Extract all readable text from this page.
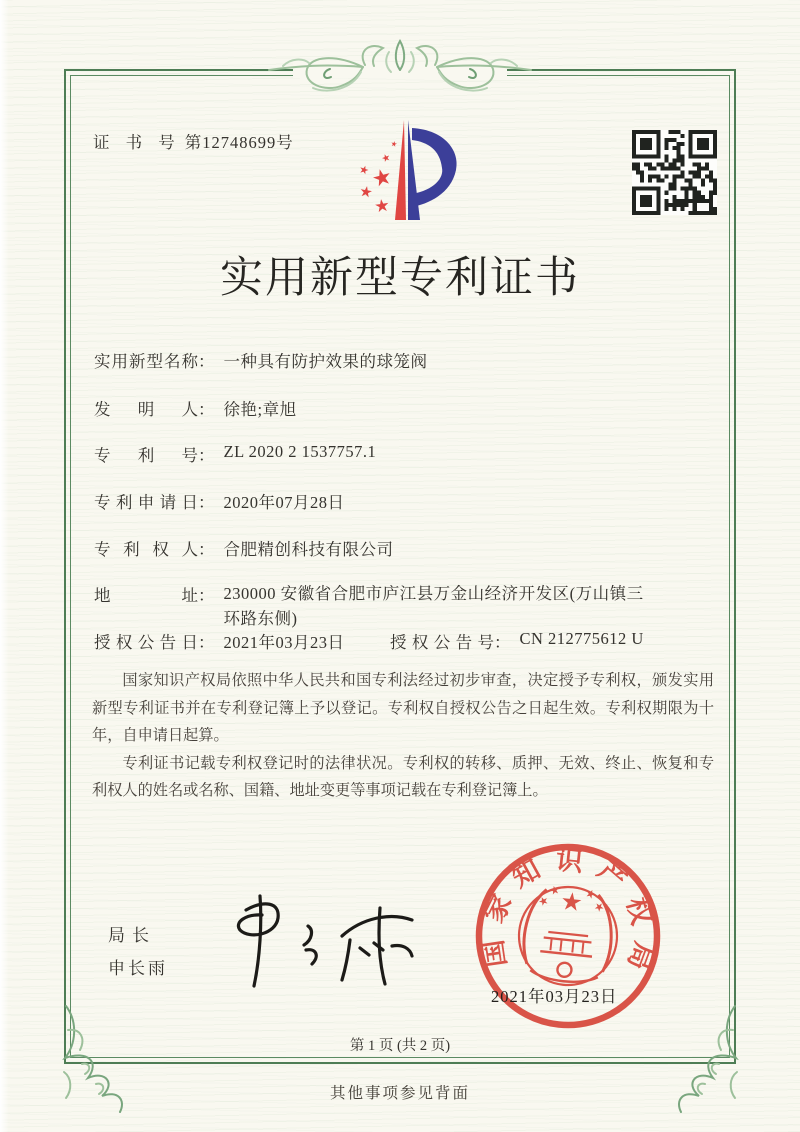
证 书 号 第12748699号
实用新型专利证书
实用新型名称： 一种具有防护效果的球笼阀
发明人： 徐艳;章旭
专利号： ZL 2020 2 1537757.1
专利申请日： 2020年07月28日
专利权人： 合肥精创科技有限公司
地址： 230000 安徽省合肥市庐江县万金山经济开发区(万山镇三
环路东侧)
授权公告日： 2021年03月23日	授权公告号： CN 212775612 U

国家知识产权局依照中华人民共和国专利法经过初步审查，决定授予专利权，颁发实用新型专利证书并在专利登记簿上予以登记。专利权自授权公告之日起生效。专利权期限为十年，自申请日起算。

专利证书记载专利权登记时的法律状况。专利权的转移、质押、无效、终止、恢复和专利权人的姓名或名称、国籍、地址变更等事项记载在专利登记簿上。

局长
申长雨	国家知识产权局
2021年03月23日
第 1 页 (共 2 页)
其他事项参见背面
